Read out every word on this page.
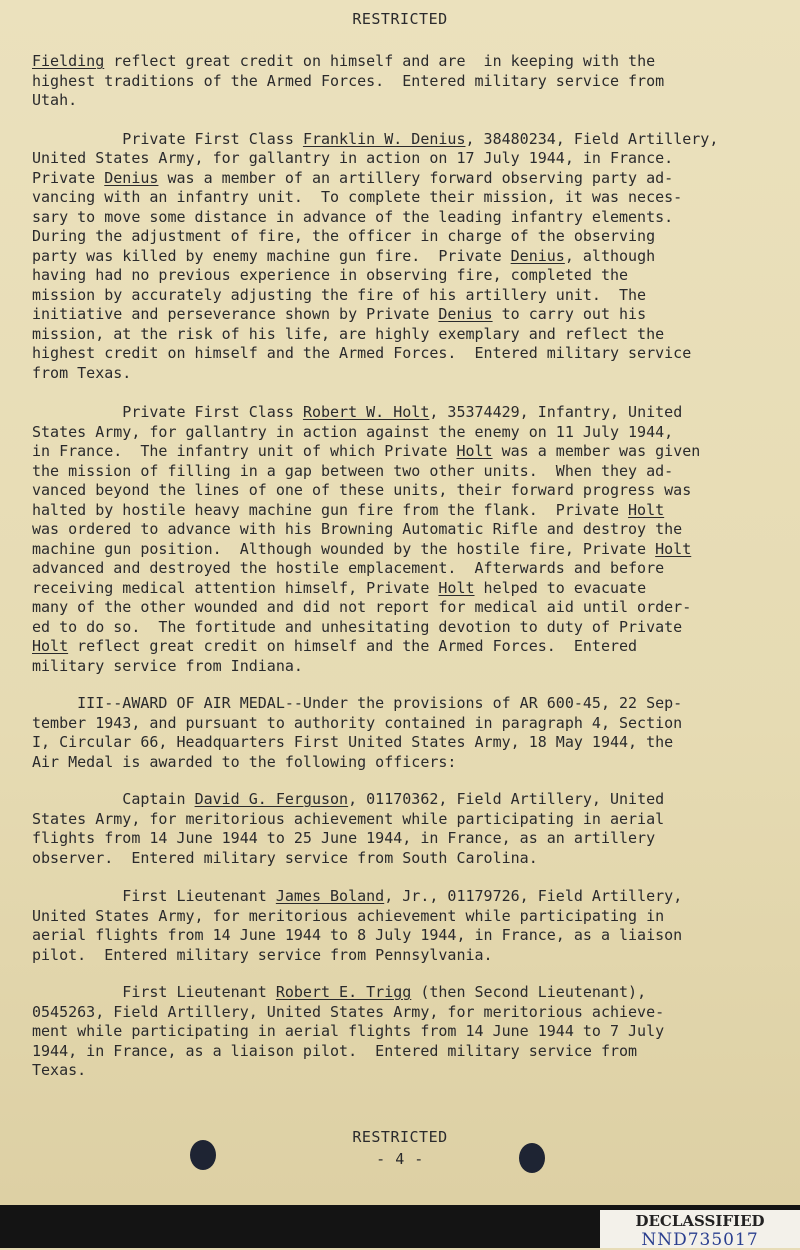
RESTRICTED
Fielding reflect great credit on himself and are  in keeping with the
highest traditions of the Armed Forces.  Entered military service from
Utah.
Private First Class Franklin W. Denius, 38480234, Field Artillery,
United States Army, for gallantry in action on 17 July 1944, in France.
Private Denius was a member of an artillery forward observing party ad-
vancing with an infantry unit.  To complete their mission, it was neces-
sary to move some distance in advance of the leading infantry elements.
During the adjustment of fire, the officer in charge of the observing
party was killed by enemy machine gun fire.  Private Denius, although
having had no previous experience in observing fire, completed the
mission by accurately adjusting the fire of his artillery unit.  The
initiative and perseverance shown by Private Denius to carry out his
mission, at the risk of his life, are highly exemplary and reflect the
highest credit on himself and the Armed Forces.  Entered military service
from Texas.
Private First Class Robert W. Holt, 35374429, Infantry, United
States Army, for gallantry in action against the enemy on 11 July 1944,
in France.  The infantry unit of which Private Holt was a member was given
the mission of filling in a gap between two other units.  When they ad-
vanced beyond the lines of one of these units, their forward progress was
halted by hostile heavy machine gun fire from the flank.  Private Holt
was ordered to advance with his Browning Automatic Rifle and destroy the
machine gun position.  Although wounded by the hostile fire, Private Holt
advanced and destroyed the hostile emplacement.  Afterwards and before
receiving medical attention himself, Private Holt helped to evacuate
many of the other wounded and did not report for medical aid until order-
ed to do so.  The fortitude and unhesitating devotion to duty of Private
Holt reflect great credit on himself and the Armed Forces.  Entered
military service from Indiana.
III--AWARD OF AIR MEDAL--Under the provisions of AR 600-45, 22 Sep-
tember 1943, and pursuant to authority contained in paragraph 4, Section
I, Circular 66, Headquarters First United States Army, 18 May 1944, the
Air Medal is awarded to the following officers:
Captain David G. Ferguson, 01170362, Field Artillery, United
States Army, for meritorious achievement while participating in aerial
flights from 14 June 1944 to 25 June 1944, in France, as an artillery
observer.  Entered military service from South Carolina.
First Lieutenant James Boland, Jr., 01179726, Field Artillery,
United States Army, for meritorious achievement while participating in
aerial flights from 14 June 1944 to 8 July 1944, in France, as a liaison
pilot.  Entered military service from Pennsylvania.
First Lieutenant Robert E. Trigg (then Second Lieutenant),
0545263, Field Artillery, United States Army, for meritorious achieve-
ment while participating in aerial flights from 14 June 1944 to 7 July
1944, in France, as a liaison pilot.  Entered military service from
Texas.
RESTRICTED
- 4 -
DECLASSIFIED
NND735017
